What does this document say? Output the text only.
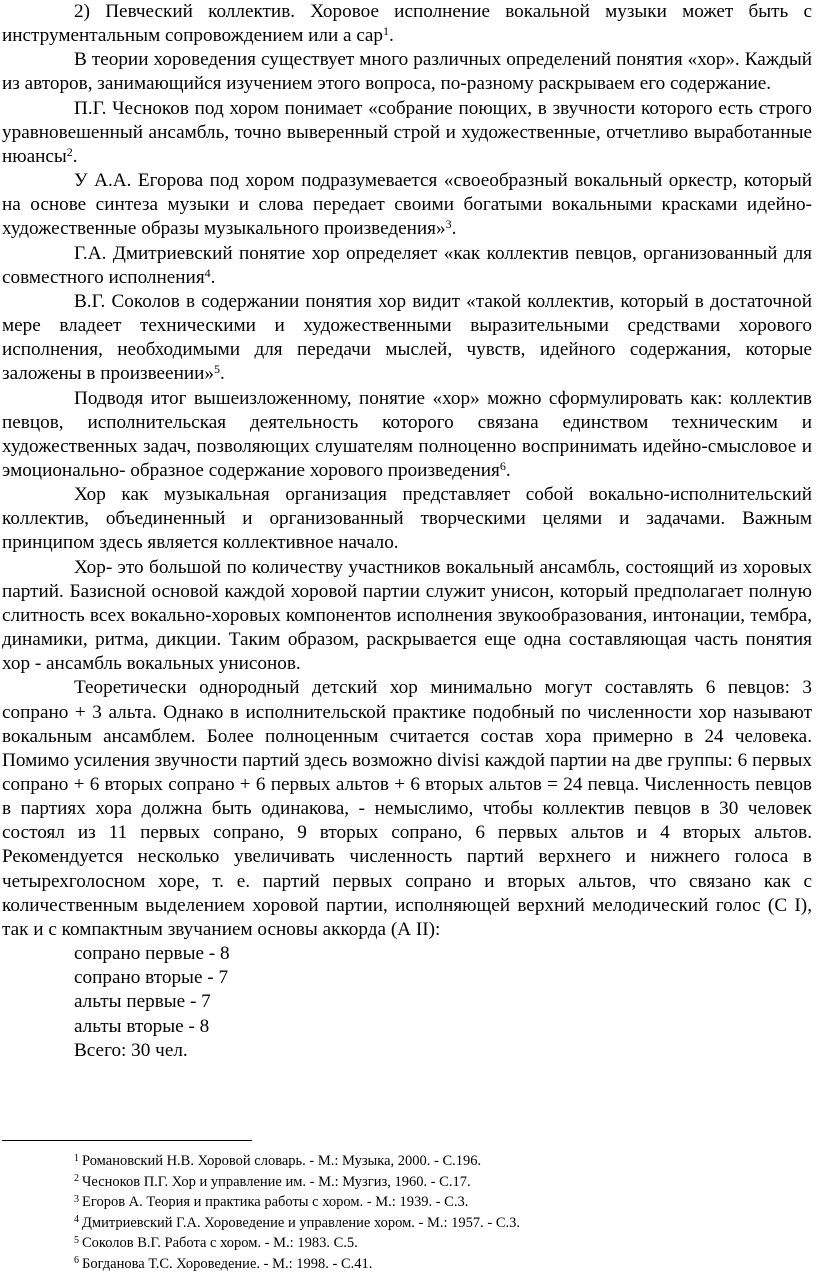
2) Певческий коллектив. Хоровое исполнение вокальной музыки может быть с инструментальным сопровождением или а cap$^1$.

В теории хороведения существует много различных определений понятия «хор». Каждый из авторов, занимающийся изучением этого вопроса, по-разному раскрываем его содержание.

П.Г. Чесноков под хором понимает «собрание поющих, в звучности которого есть строго уравновешенный ансамбль, точно выверенный строй и художественные, отчетливо выработанные нюансы$^2$.

У А.А. Егорова под хором подразумевается «своеобразный вокальный оркестр, который на основе синтеза музыки и слова передает своими богатыми вокальными красками идейно- художественные образы музыкального произведения»$^3$.

Г.А. Дмитриевский понятие хор определяет «как коллектив певцов, организованный для совместного исполнения$^4$.

В.Г. Соколов в содержании понятия хор видит «такой коллектив, который в достаточной мере владеет техническими и художественными выразительными средствами хорового исполнения, необходимыми для передачи мыслей, чувств, идейного содержания, которые заложены в произвеении»$^5$.

Подводя итог вышеизложенному, понятие «хор» можно сформулировать как: коллектив певцов, исполнительская деятельность которого связана единством техническим и художественных задач, позволяющих слушателям полноценно воспринимать идейно-смысловое и эмоционально- образное содержание хорового произведения$^6$.

Хор как музыкальная организация представляет собой вокально-исполнительский коллектив, объединенный и организованный творческими целями и задачами. Важным принципом здесь является коллективное начало.

Хор- это большой по количеству участников вокальный ансамбль, состоящий из хоровых партий. Базисной основой каждой хоровой партии служит унисон, который предполагает полную слитность всех вокально-хоровых компонентов исполнения звукообразования, интонации, тембра, динамики, ритма, дикции. Таким образом, раскрывается еще одна составляющая часть понятия хор - ансамбль вокальных унисонов.

Теоретически однородный детский хор минимально могут составлять 6 певцов: 3 сопрано + 3 альта. Однако в исполнительской практике подобный по численности хор называют вокальным ансамблем. Более полноценным считается состав хора примерно в 24 человека. Помимо усиления звучности партий здесь возможно divisi каждой партии на две группы: 6 первых сопрано + 6 вторых сопрано + 6 первых альтов + 6 вторых альтов = 24 певца. Численность певцов в партиях хора должна быть одинакова, - немыслимо, чтобы коллектив певцов в 30 человек состоял из 11 первых сопрано, 9 вторых сопрано, 6 первых альтов и 4 вторых альтов. Рекомендуется несколько увеличивать численность партий верхнего и нижнего голоса в четырехголосном хоре, т. е. партий первых сопрано и вторых альтов, что связано как с количественным выделением хоровой партии, исполняющей верхний мелодический голос (С I), так и с компактным звучанием основы аккорда (А II):

сопрано первые - 8
сопрано вторые - 7
альты первые - 7
альты вторые - 8
Всего: 30 чел.

$^1$ Романовский Н.В. Хоровой словарь. - М.: Музыка, 2000. - С.196.

$^2$ Чесноков П.Г. Хор и управление им. - М.: Музгиз, 1960. - С.17.

$^3$ Егоров А. Теория и практика работы с хором. - М.: 1939. - С.3.

$^4$ Дмитриевский Г.А. Хороведение и управление хором. - М.: 1957. - С.3.

$^5$ Соколов В.Г. Работа с хором. - М.: 1983. С.5.

$^6$ Богданова Т.С. Хороведение. - М.: 1998. - С.41.
